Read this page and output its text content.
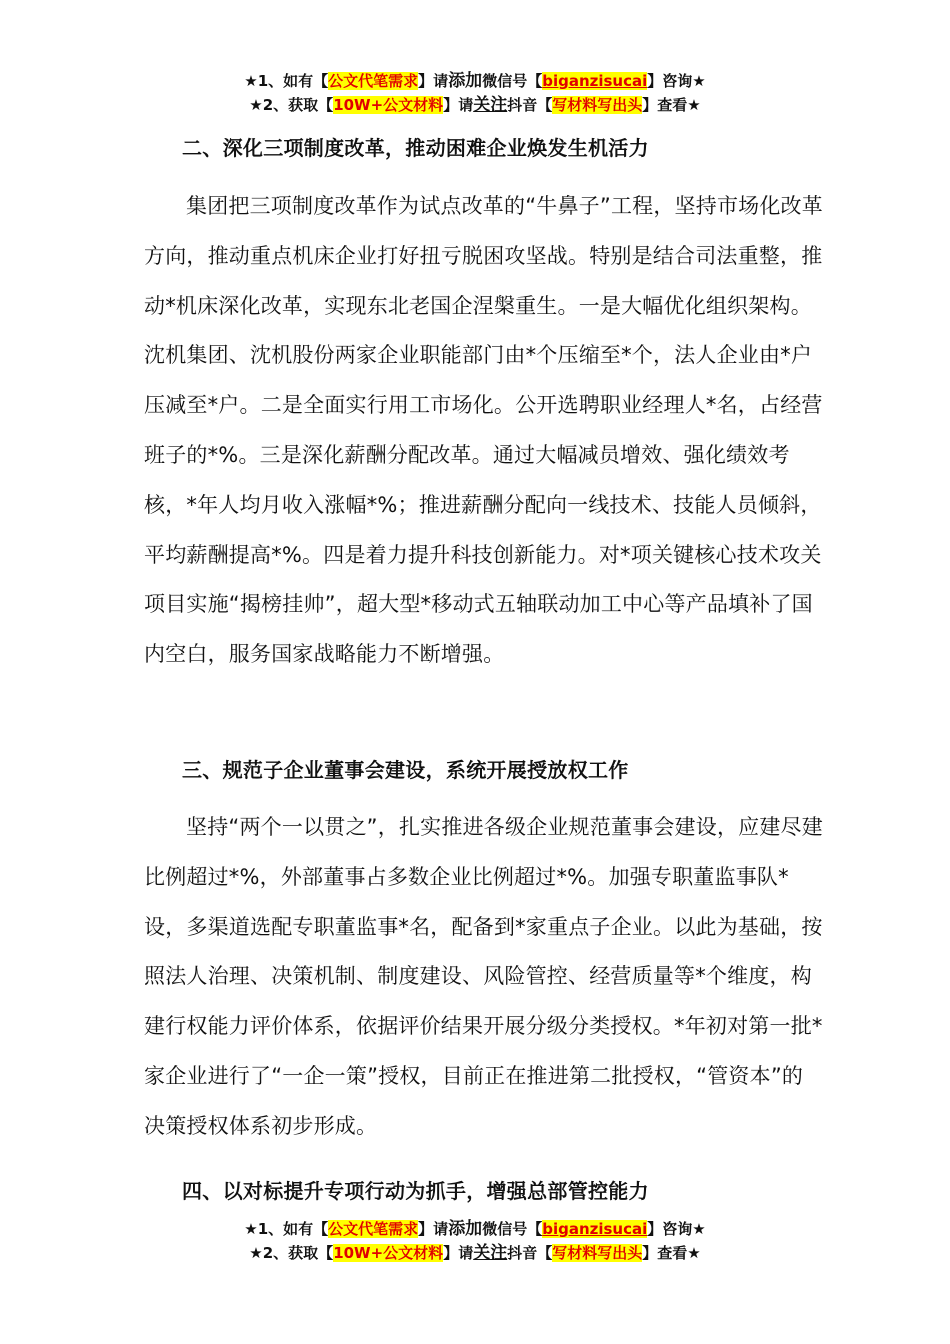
★1、如有【公文代笔需求】请添加微信号【biganzisucai】咨询★
★2、获取【10W+公文材料】请关注抖音【写材料写出头】查看★
二、深化三项制度改革，推动困难企业焕发生机活力

集团把三项制度改革作为试点改革的“牛鼻子”工程，坚持市场化改革方向，推动重点机床企业打好扭亏脱困攻坚战。特别是结合司法重整，推动*机床深化改革，实现东北老国企涅槃重生。一是大幅优化组织架构。沈机集团、沈机股份两家企业职能部门由*个压缩至*个，法人企业由*户压减至*户。二是全面实行用工市场化。公开选聘职业经理人*名，占经营班子的*%。三是深化薪酬分配改革。通过大幅减员增效、强化绩效考核，*年人均月收入涨幅*%；推进薪酬分配向一线技术、技能人员倾斜，平均薪酬提高*%。四是着力提升科技创新能力。对*项关键核心技术攻关项目实施“揭榜挂帅”，超大型*移动式五轴联动加工中心等产品填补了国内空白，服务国家战略能力不断增强。

三、规范子企业董事会建设，系统开展授放权工作

坚持“两个一以贯之”，扎实推进各级企业规范董事会建设，应建尽建比例超过*%，外部董事占多数企业比例超过*%。加强专职董监事队*设，多渠道选配专职董监事*名，配备到*家重点子企业。以此为基础，按照法人治理、决策机制、制度建设、风险管控、经营质量等*个维度，构建行权能力评价体系，依据评价结果开展分级分类授权。*年初对第一批*家企业进行了“一企一策”授权，目前正在推进第二批授权，“管资本”的决策授权体系初步形成。

四、以对标提升专项行动为抓手，增强总部管控能力
★1、如有【公文代笔需求】请添加微信号【biganzisucai】咨询★
★2、获取【10W+公文材料】请关注抖音【写材料写出头】查看★
